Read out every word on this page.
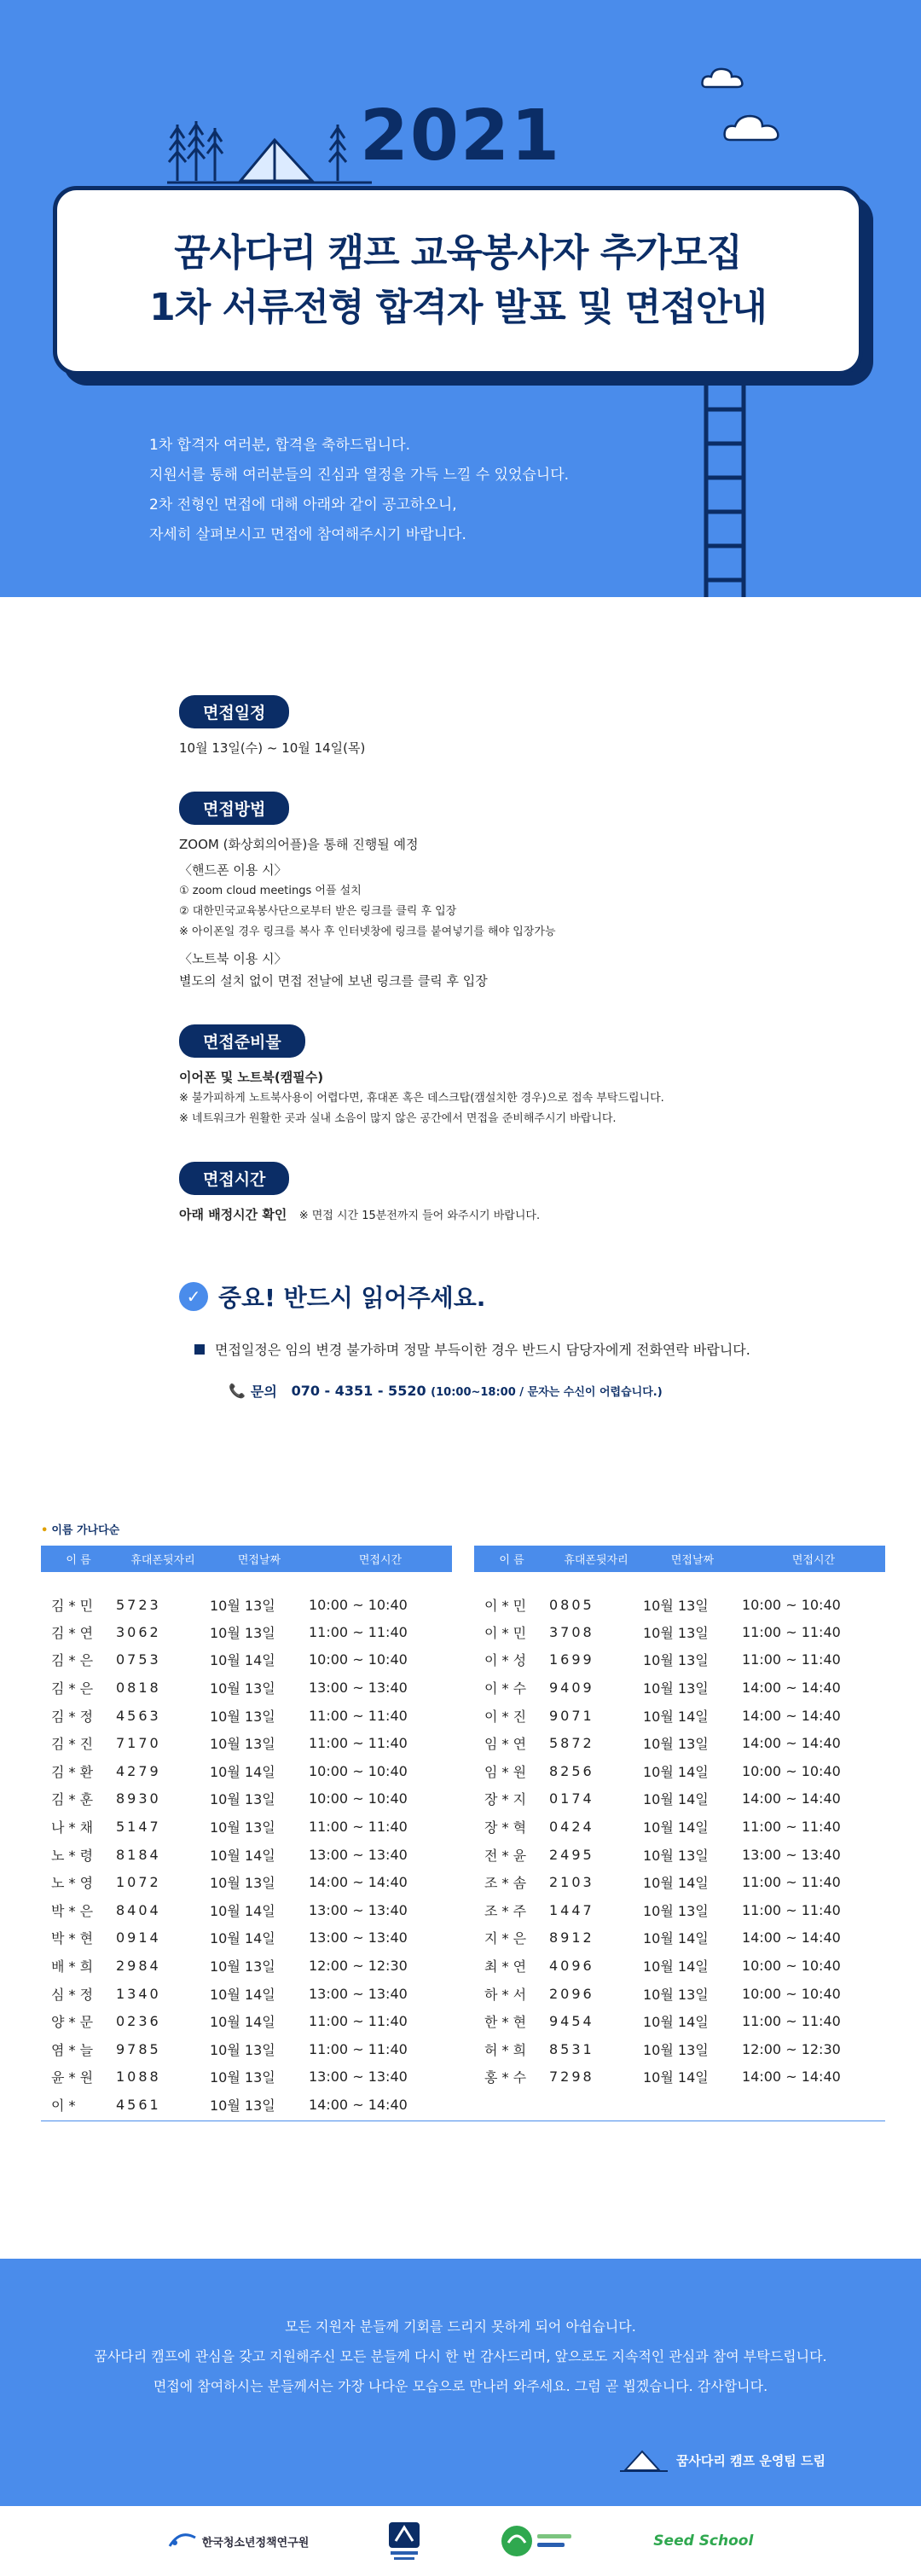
2021
꿈사다리 캠프 교육봉사자 추가모집
1차 서류전형 합격자 발표 및 면접안내
1차 합격자 여러분, 합격을 축하드립니다.
지원서를 통해 여러분들의 진심과 열정을 가득 느낄 수 있었습니다.
2차 전형인 면접에 대해 아래와 같이 공고하오니,
자세히 살펴보시고 면접에 참여해주시기 바랍니다.
면접일정

10월 13일(수) ~ 10월 14일(목)

면접방법

ZOOM (화상회의어플)을 통해 진행될 예정

〈핸드폰 이용 시〉

① zoom cloud meetings 어플 설치

② 대한민국교육봉사단으로부터 받은 링크를 클릭 후 입장

※ 아이폰일 경우 링크를 복사 후 인터넷창에 링크를 붙여넣기를 해야 입장가능

〈노트북 이용 시〉

별도의 설치 없이 면접 전날에 보낸 링크를 클릭 후 입장

면접준비물

이어폰 및 노트북(캠필수)

※ 불가피하게 노트북사용이 어렵다면, 휴대폰 혹은 데스크탑(캠설치한 경우)으로 접속 부탁드립니다.

※ 네트워크가 원활한 곳과 실내 소음이 많지 않은 공간에서 면접을 준비해주시기 바랍니다.

면접시간

아래 배정시간 확인 ※ 면접 시간 15분전까지 들어 와주시기 바랍니다.

✓ 중요! 반드시 읽어주세요.
면접일정은 임의 변경 불가하며 정말 부득이한 경우 반드시 담당자에게 전화연락 바랍니다.
📞 문의
070 - 4351 - 5520
(10:00~18:00 / 문자는 수신이 어렵습니다.)
• 이름 가나다순
이 름	휴대폰뒷자리	면접날짜	면접시간
김 * 민	5723	10월 13일	10:00 ~ 10:40
김 * 연	3062	10월 13일	11:00 ~ 11:40
김 * 은	0753	10월 14일	10:00 ~ 10:40
김 * 은	0818	10월 13일	13:00 ~ 13:40
김 * 정	4563	10월 13일	11:00 ~ 11:40
김 * 진	7170	10월 13일	11:00 ~ 11:40
김 * 환	4279	10월 14일	10:00 ~ 10:40
김 * 훈	8930	10월 13일	10:00 ~ 10:40
나 * 채	5147	10월 13일	11:00 ~ 11:40
노 * 령	8184	10월 14일	13:00 ~ 13:40
노 * 영	1072	10월 13일	14:00 ~ 14:40
박 * 은	8404	10월 14일	13:00 ~ 13:40
박 * 현	0914	10월 14일	13:00 ~ 13:40
배 * 희	2984	10월 13일	12:00 ~ 12:30
심 * 정	1340	10월 14일	13:00 ~ 13:40
양 * 문	0236	10월 14일	11:00 ~ 11:40
염 * 늘	9785	10월 13일	11:00 ~ 11:40
윤 * 원	1088	10월 13일	13:00 ~ 13:40
이 *	4561	10월 13일	14:00 ~ 14:40
이 름	휴대폰뒷자리	면접날짜	면접시간
이 * 민	0805	10월 13일	10:00 ~ 10:40
이 * 민	3708	10월 13일	11:00 ~ 11:40
이 * 성	1699	10월 13일	11:00 ~ 11:40
이 * 수	9409	10월 13일	14:00 ~ 14:40
이 * 진	9071	10월 14일	14:00 ~ 14:40
임 * 연	5872	10월 13일	14:00 ~ 14:40
임 * 원	8256	10월 14일	10:00 ~ 10:40
장 * 지	0174	10월 14일	14:00 ~ 14:40
장 * 혁	0424	10월 14일	11:00 ~ 11:40
전 * 윤	2495	10월 13일	13:00 ~ 13:40
조 * 솜	2103	10월 14일	11:00 ~ 11:40
조 * 주	1447	10월 13일	11:00 ~ 11:40
지 * 은	8912	10월 14일	14:00 ~ 14:40
최 * 연	4096	10월 14일	10:00 ~ 10:40
하 * 서	2096	10월 13일	10:00 ~ 10:40
한 * 현	9454	10월 14일	11:00 ~ 11:40
허 * 희	8531	10월 13일	12:00 ~ 12:30
홍 * 수	7298	10월 14일	14:00 ~ 14:40
모든 지원자 분들께 기회를 드리지 못하게 되어 아쉽습니다.
꿈사다리 캠프에 관심을 갖고 지원해주신 모든 분들께 다시 한 번 감사드리며, 앞으로도 지속적인 관심과 참여 부탁드립니다.
면접에 참여하시는 분들께서는 가장 나다운 모습으로 만나러 와주세요. 그럼 곧 뵙겠습니다. 감사합니다.
꿈사다리 캠프 운영팀 드림
한국청소년정책연구원	Seed School
